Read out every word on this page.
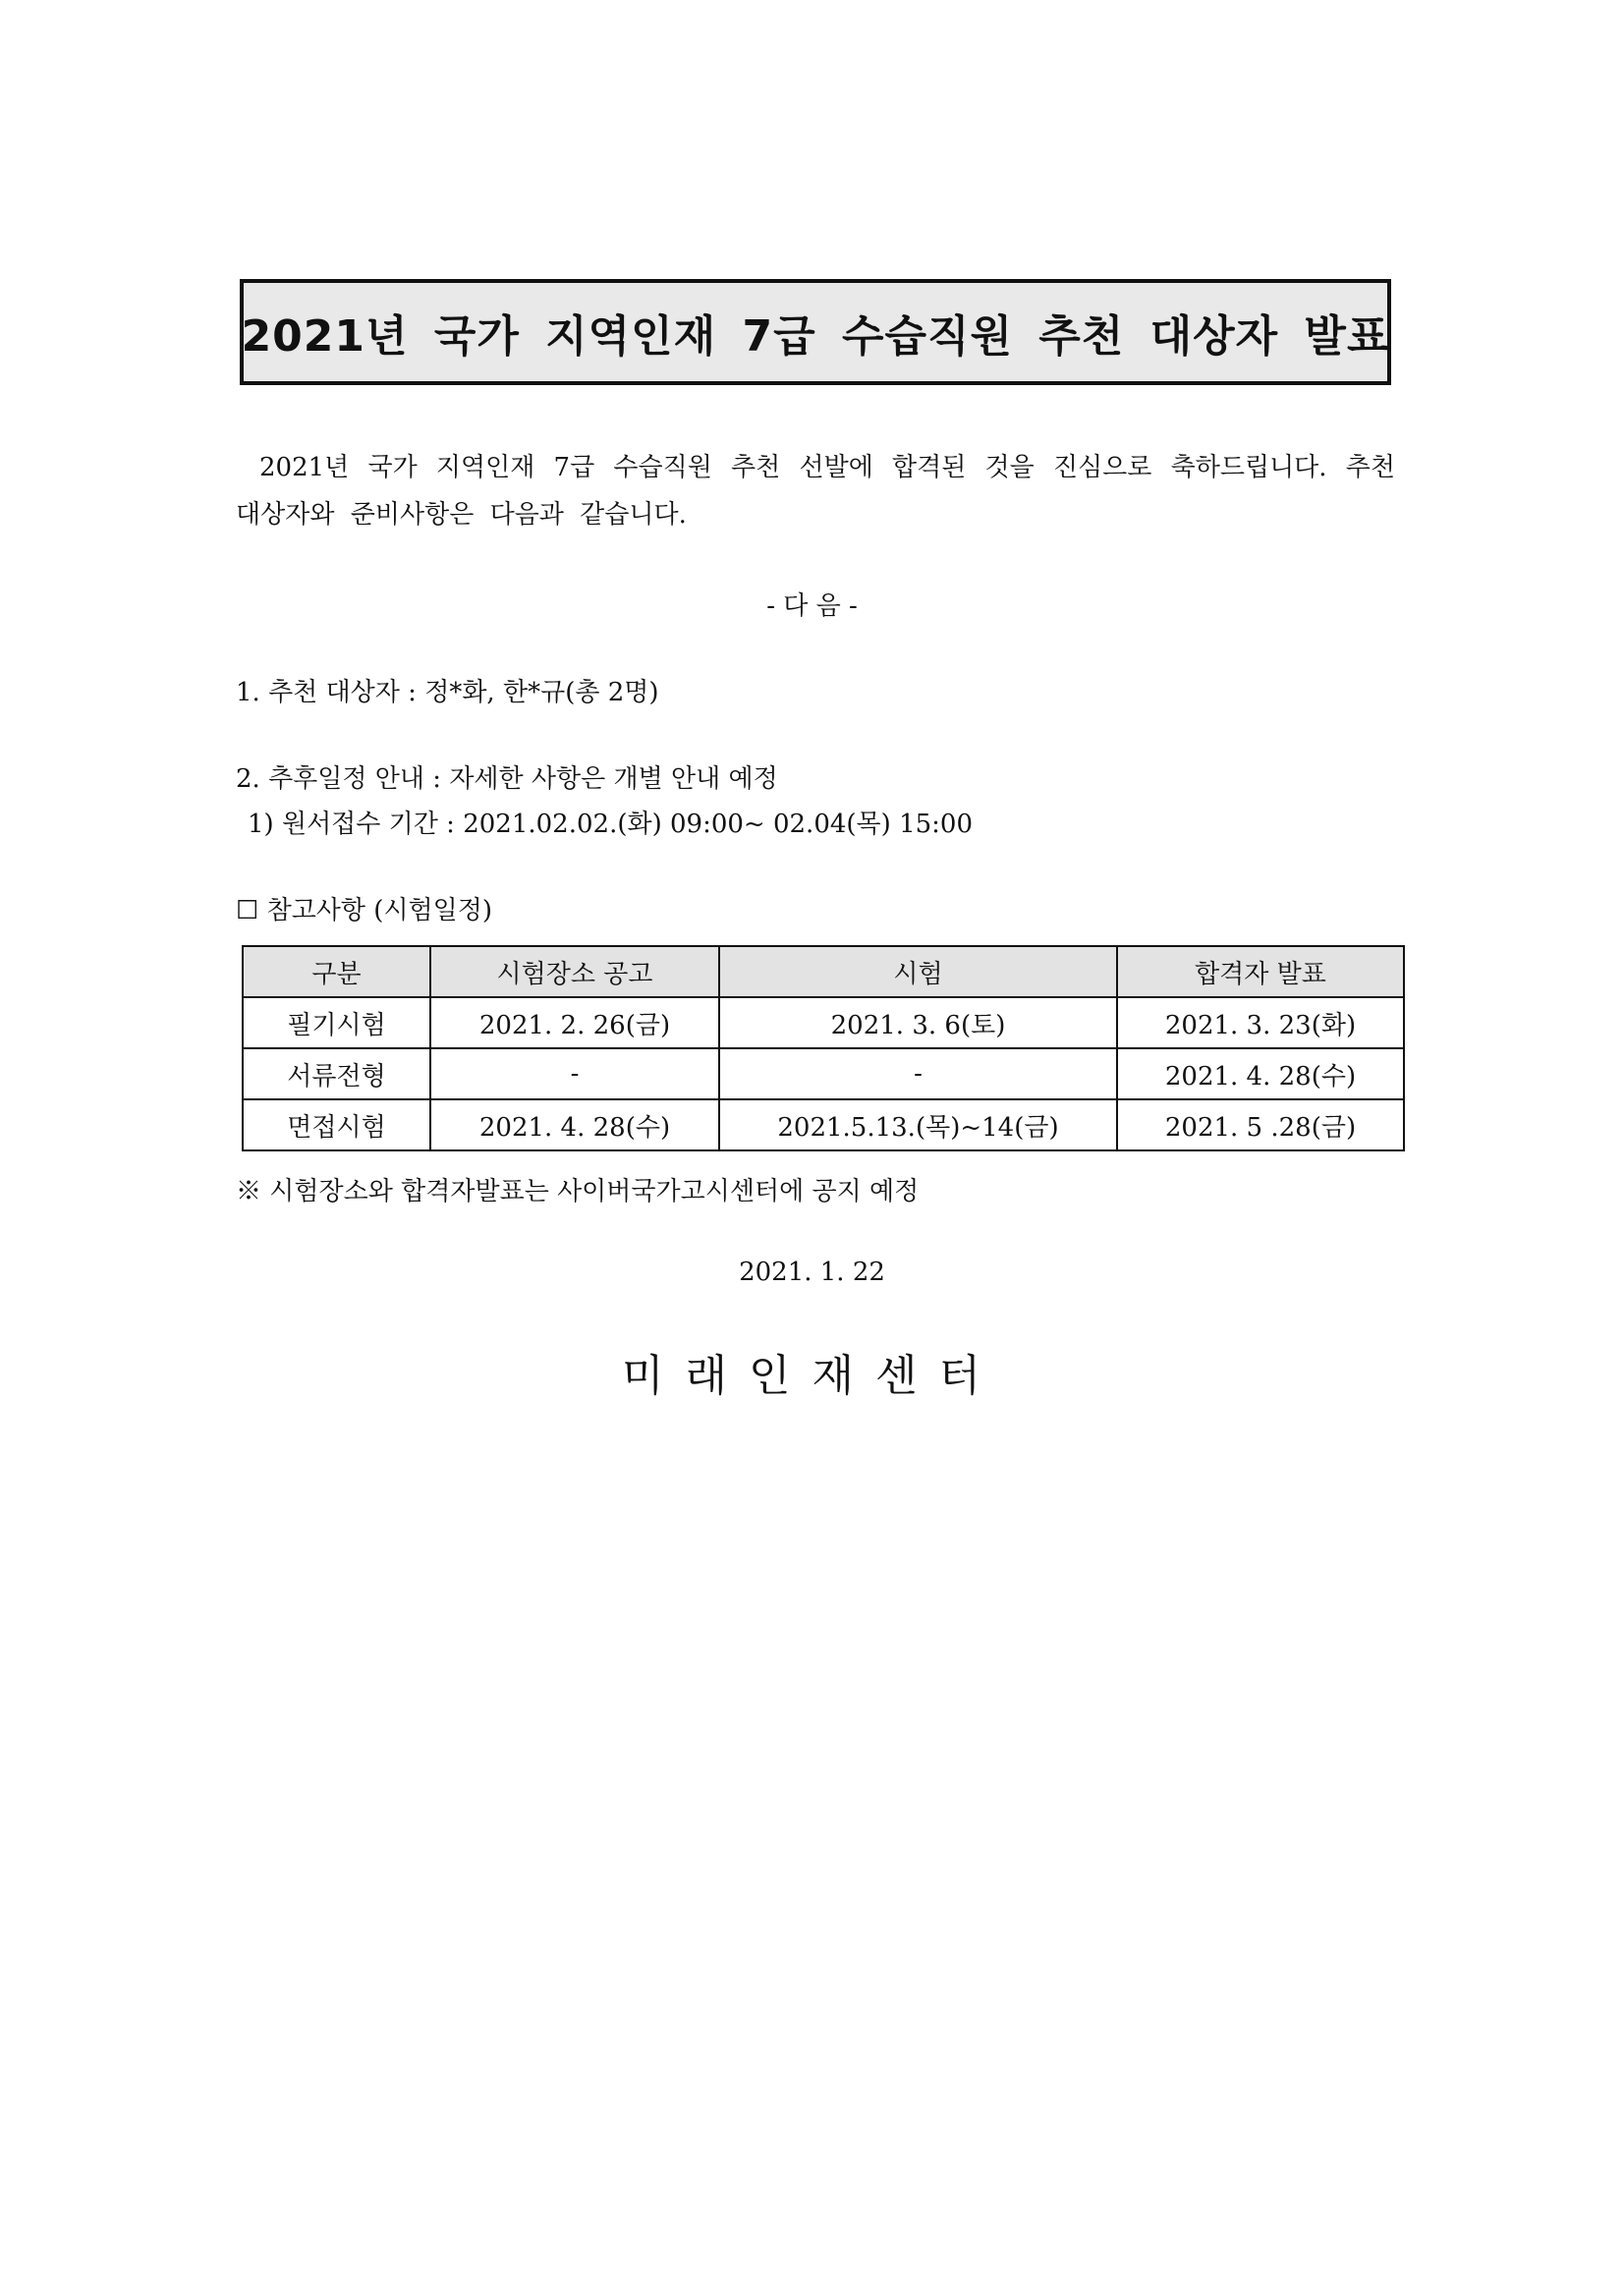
2021년 국가 지역인재 7급 수습직원 추천 대상자 발표
2021년 국가 지역인재 7급 수습직원 추천 선발에 합격된 것을 진심으로 축하드립니다. 추천 대상자와 준비사항은 다음과 같습니다.
- 다 음 -
1. 추천 대상자 : 정*화, 한*규(총 2명)
2. 추후일정 안내 : 자세한 사항은 개별 안내 예정
1) 원서접수 기간 : 2021.02.02.(화) 09:00~ 02.04(목) 15:00
☐ 참고사항 (시험일정)
구분	시험장소 공고	시험	합격자 발표
필기시험	2021. 2. 26(금)	2021. 3. 6(토)	2021. 3. 23(화)
서류전형	-	-	2021. 4. 28(수)
면접시험	2021. 4. 28(수)	2021.5.13.(목)~14(금)	2021. 5 .28(금)
※ 시험장소와 합격자발표는 사이버국가고시센터에 공지 예정
2021. 1. 22
미래인재센터
